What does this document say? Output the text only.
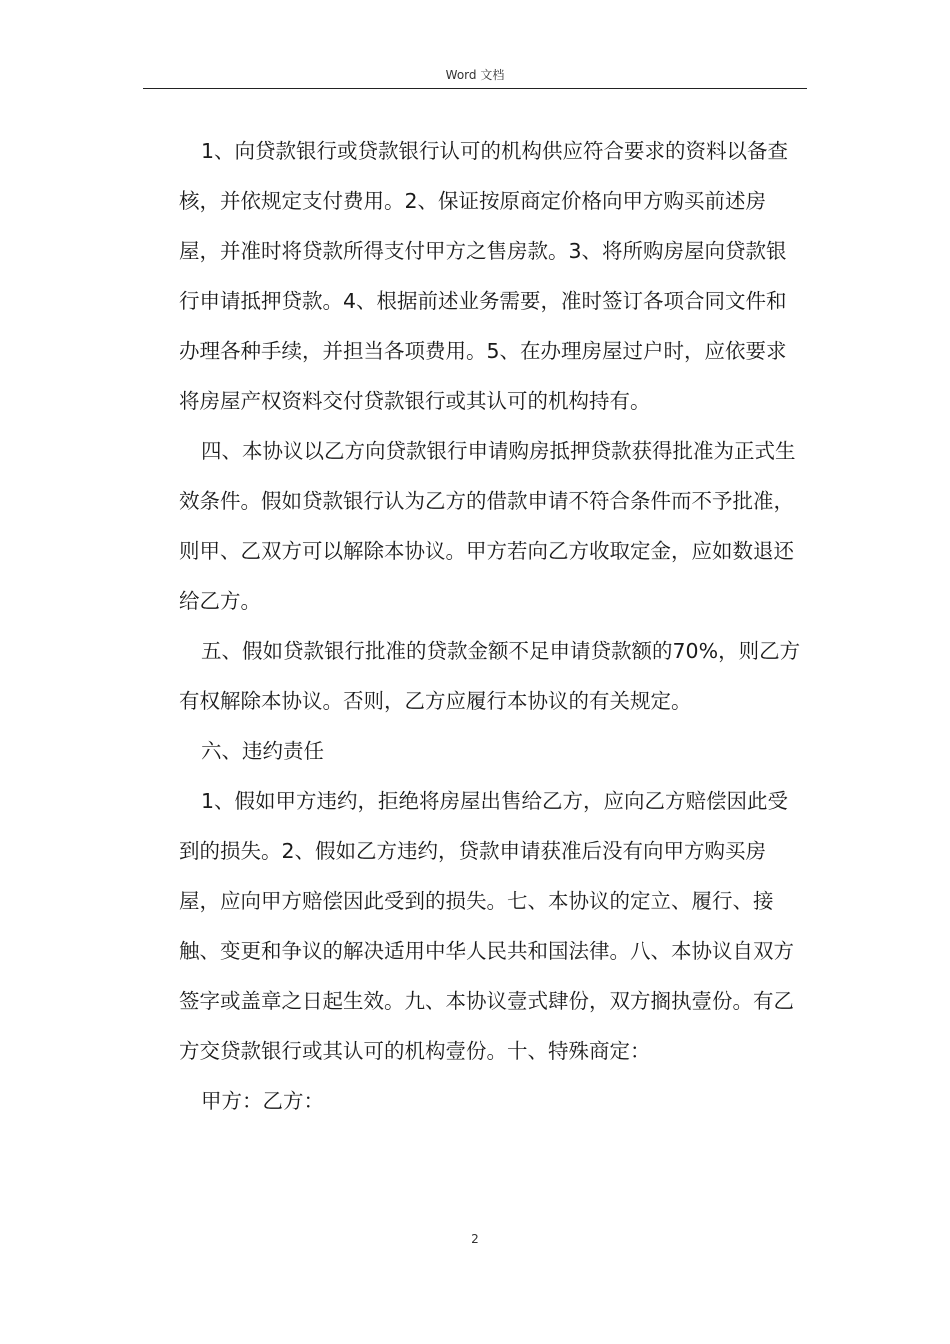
Word 文档

1、向贷款银行或贷款银行认可的机构供应符合要求的资料以备查核，并依规定支付费用。2、保证按原商定价格向甲方购买前述房屋，并准时将贷款所得支付甲方之售房款。3、将所购房屋向贷款银行申请抵押贷款。4、根据前述业务需要，准时签订各项合同文件和办理各种手续，并担当各项费用。5、在办理房屋过户时，应依要求将房屋产权资料交付贷款银行或其认可的机构持有。

四、本协议以乙方向贷款银行申请购房抵押贷款获得批准为正式生效条件。假如贷款银行认为乙方的借款申请不符合条件而不予批准，则甲、乙双方可以解除本协议。甲方若向乙方收取定金，应如数退还给乙方。

五、假如贷款银行批准的贷款金额不足申请贷款额的70%，则乙方有权解除本协议。否则，乙方应履行本协议的有关规定。

六、违约责任

1、假如甲方违约，拒绝将房屋出售给乙方，应向乙方赔偿因此受到的损失。2、假如乙方违约，贷款申请获准后没有向甲方购买房屋，应向甲方赔偿因此受到的损失。七、本协议的定立、履行、接触、变更和争议的解决适用中华人民共和国法律。八、本协议自双方签字或盖章之日起生效。九、本协议壹式肆份，双方搁执壹份。有乙方交贷款银行或其认可的机构壹份。十、特殊商定：

甲方：乙方：

2
